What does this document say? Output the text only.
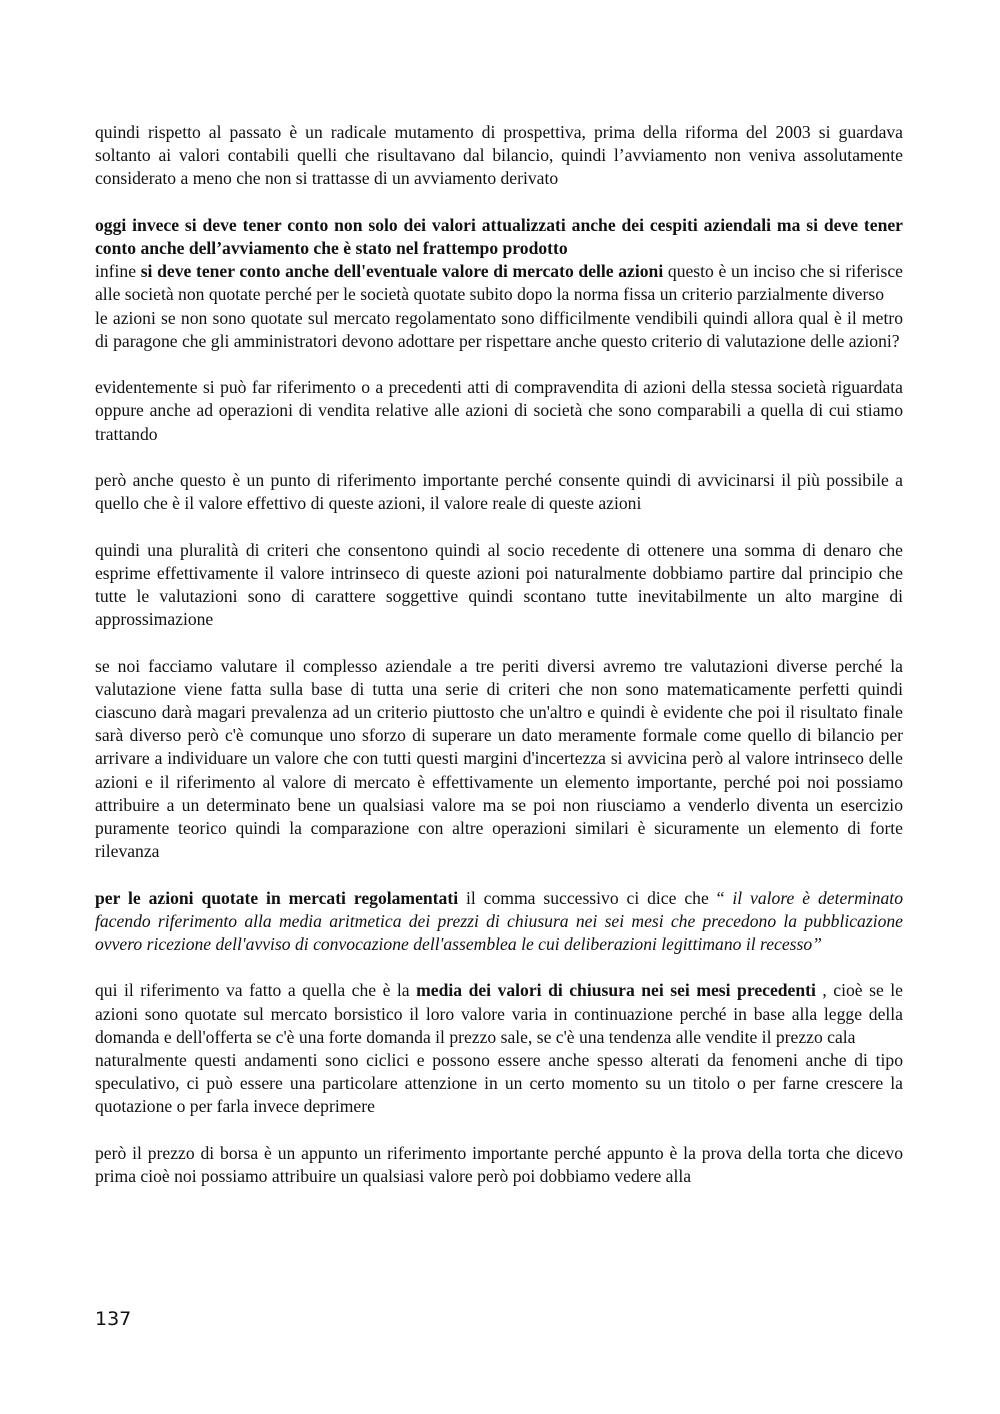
quindi rispetto al passato è un radicale mutamento di prospettiva, prima della riforma del 2003 si guardava soltanto ai valori contabili quelli che risultavano dal bilancio, quindi l’avviamento non veniva assolutamente considerato a meno che non si trattasse di un avviamento derivato

oggi invece si deve tener conto non solo dei valori attualizzati anche dei cespiti aziendali ma si deve tener conto anche dell’avviamento che è stato nel frattempo prodotto

infine si deve tener conto anche dell'eventuale valore di mercato delle azioni questo è un inciso che si riferisce alle società non quotate perché per le società quotate subito dopo la norma fissa un criterio parzialmente diverso

le azioni se non sono quotate sul mercato regolamentato sono difficilmente vendibili quindi allora qual è il metro di paragone che gli amministratori devono adottare per rispettare anche questo criterio di valutazione delle azioni?

evidentemente si può far riferimento o a precedenti atti di compravendita di azioni della stessa società riguardata oppure anche ad operazioni di vendita relative alle azioni di società che sono comparabili a quella di cui stiamo trattando

però anche questo è un punto di riferimento importante perché consente quindi di avvicinarsi il più possibile a quello che è il valore effettivo di queste azioni, il valore reale di queste azioni

quindi una pluralità di criteri che consentono quindi al socio recedente di ottenere una somma di denaro che esprime effettivamente il valore intrinseco di queste azioni poi naturalmente dobbiamo partire dal principio che tutte le valutazioni sono di carattere soggettive quindi scontano tutte inevitabilmente un alto margine di approssimazione

se noi facciamo valutare il complesso aziendale a tre periti diversi avremo tre valutazioni diverse perché la valutazione viene fatta sulla base di tutta una serie di criteri che non sono matematicamente perfetti quindi ciascuno darà magari prevalenza ad un criterio piuttosto che un'altro e quindi è evidente che poi il risultato finale sarà diverso però c'è comunque uno sforzo di superare un dato meramente formale come quello di bilancio per arrivare a individuare un valore che con tutti questi margini d'incertezza si avvicina però al valore intrinseco delle azioni e il riferimento al valore di mercato è effettivamente un elemento importante, perché poi noi possiamo attribuire a un determinato bene un qualsiasi valore ma se poi non riusciamo a venderlo diventa un esercizio puramente teorico quindi la comparazione con altre operazioni similari è sicuramente un elemento di forte rilevanza

per le azioni quotate in mercati regolamentati il comma successivo ci dice che “ il valore è determinato facendo riferimento alla media aritmetica dei prezzi di chiusura nei sei mesi che precedono la pubblicazione ovvero ricezione dell'avviso di convocazione dell'assemblea le cui deliberazioni legittimano il recesso”

qui il riferimento va fatto a quella che è la media dei valori di chiusura nei sei mesi precedenti , cioè se le azioni sono quotate sul mercato borsistico il loro valore varia in continuazione perché in base alla legge della domanda e dell'offerta se c'è una forte domanda il prezzo sale, se c'è una tendenza alle vendite il prezzo cala

naturalmente questi andamenti sono ciclici e possono essere anche spesso alterati da fenomeni anche di tipo speculativo, ci può essere una particolare attenzione in un certo momento su un titolo o per farne crescere la quotazione o per farla invece deprimere

però il prezzo di borsa è un appunto un riferimento importante perché appunto è la prova della torta che dicevo prima cioè noi possiamo attribuire un qualsiasi valore però poi dobbiamo vedere alla

137
